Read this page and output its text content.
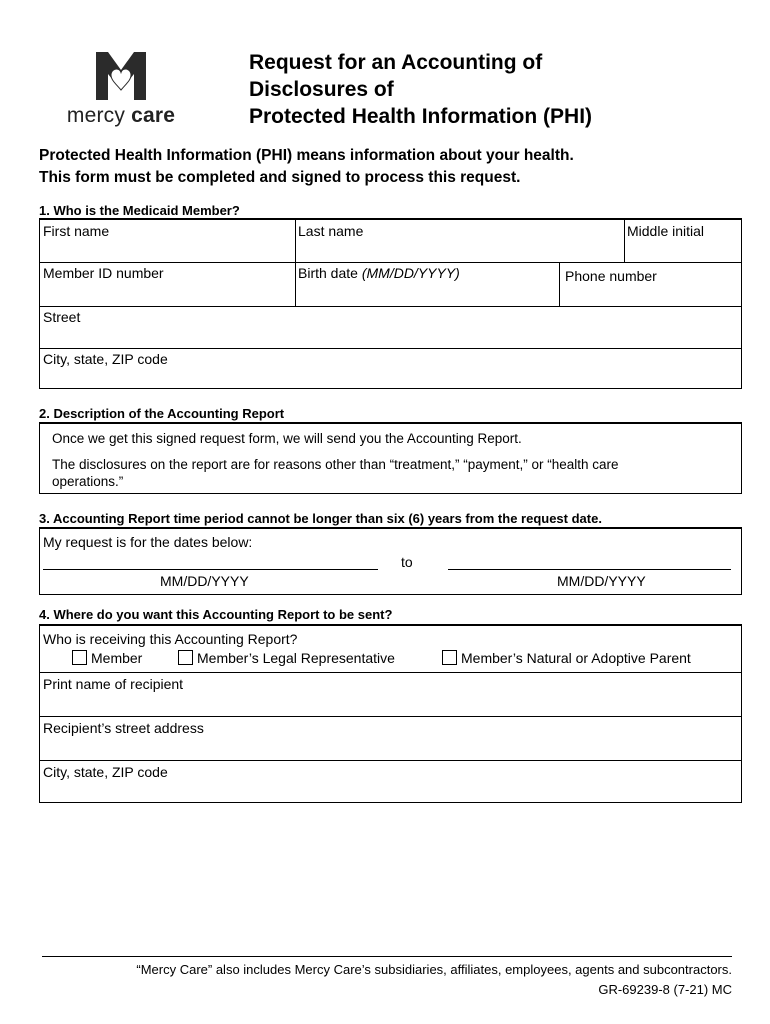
mercy care
Request for an Accounting of
Disclosures of
Protected Health Information (PHI)
Protected Health Information (PHI) means information about your health.
This form must be completed and signed to process this request.
1. Who is the Medicaid Member?
First name	Last name	Middle initial
Member ID number	Birth date (MM/DD/YYYY)	Phone number
Street
City, state, ZIP code
2. Description of the Accounting Report
Once we get this signed request form, we will send you the Accounting Report.
The disclosures on the report are for reasons other than “treatment,” “payment,” or “health care
operations.”
3. Accounting Report time period cannot be longer than six (6) years from the request date.
My request is for the dates below:
to
MM/DD/YYYY	MM/DD/YYYY
4. Where do you want this Accounting Report to be sent?
Who is receiving this Accounting Report?
Member	Member’s Legal Representative	Member’s Natural or Adoptive Parent
Print name of recipient
Recipient’s street address
City, state, ZIP code
“Mercy Care” also includes Mercy Care’s subsidiaries, affiliates, employees, agents and subcontractors.
GR-69239-8 (7-21) MC
